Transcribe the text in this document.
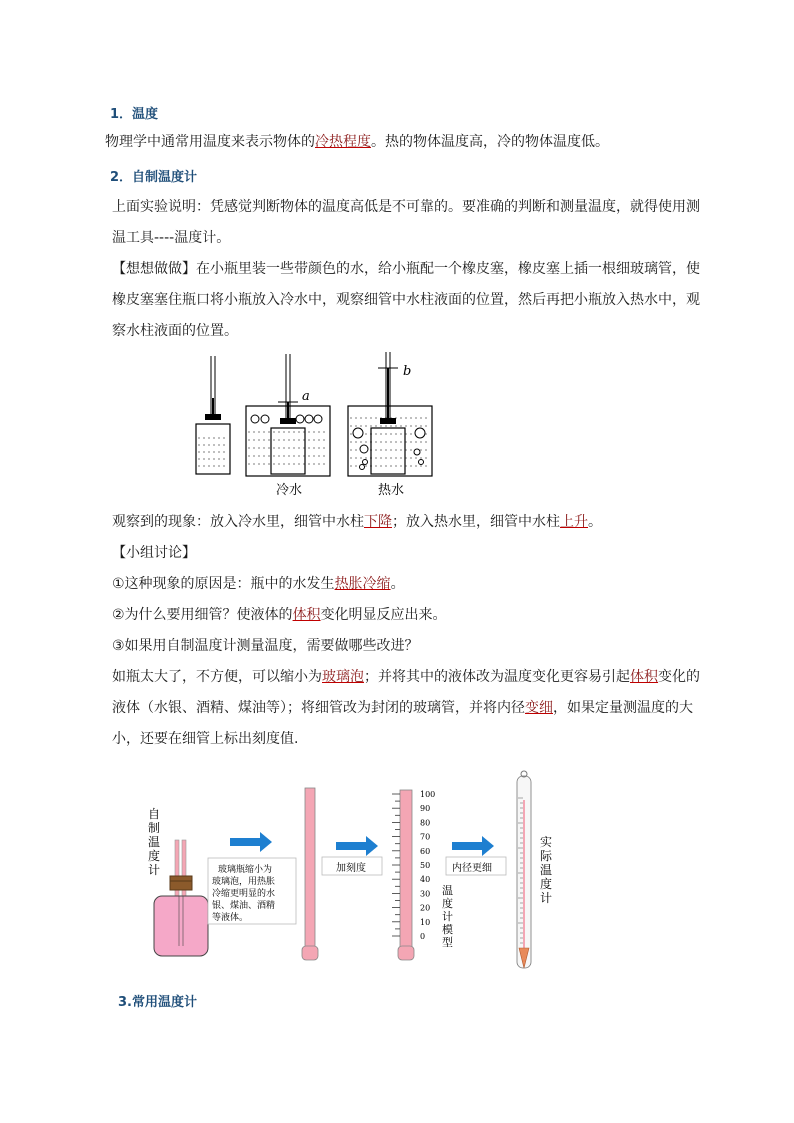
1．温度
物理学中通常用温度来表示物体的冷热程度。热的物体温度高，冷的物体温度低。
2．自制温度计
上面实验说明：凭感觉判断物体的温度高低是不可靠的。要准确的判断和测量温度，就得使用测温工具----温度计。
【想想做做】在小瓶里装一些带颜色的水，给小瓶配一个橡皮塞，橡皮塞上插一根细玻璃管，使橡皮塞塞住瓶口将小瓶放入冷水中，观察细管中水柱液面的位置，然后再把小瓶放入热水中，观察水柱液面的位置。
a
b
冷水	热水
观察到的现象：放入冷水里，细管中水柱下降；放入热水里，细管中水柱上升。
【小组讨论】
①这种现象的原因是：瓶中的水发生热胀冷缩。
②为什么要用细管？使液体的体积变化明显反应出来。
③如果用自制温度计测量温度，需要做哪些改进？
如瓶太大了，不方便，可以缩小为玻璃泡；并将其中的液体改为温度变化更容易引起体积变化的液体（水银、酒精、煤油等）；将细管改为封闭的玻璃管，并将内径变细，如果定量测温度的大小，还要在细管上标出刻度值.
自
制
温
度
计	玻璃瓶缩小为
玻璃泡，用热胀
冷缩更明显的水
银、煤油、酒精
等液体。
加刻度
100
90
80
70
60
50
40
30
20
10
0
温
度
计
模
型
内径更细
实
际
温
度
计
3.常用温度计
